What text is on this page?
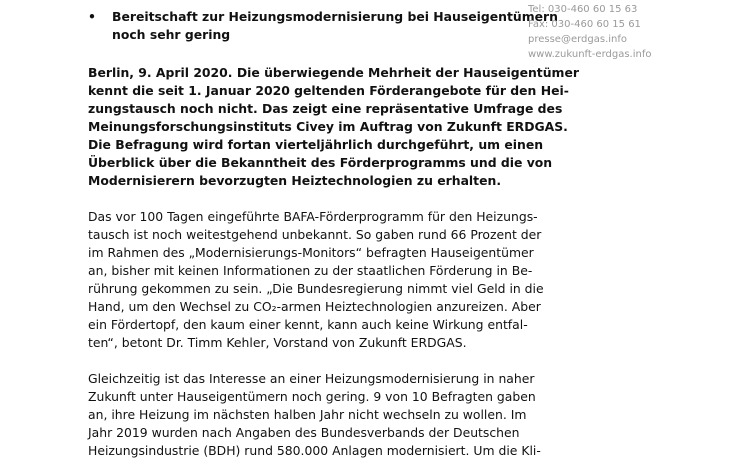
•	Bereitschaft zur Heizungsmodernisierung bei Hauseigentümern
noch sehr gering

Berlin, 9. April 2020. Die überwiegende Mehrheit der Hauseigentümer
kennt die seit 1. Januar 2020 geltenden Förderangebote für den Hei-
zungstausch noch nicht. Das zeigt eine repräsentative Umfrage des
Meinungsforschungsinstituts Civey im Auftrag von Zukunft ERDGAS.
Die Befragung wird fortan vierteljährlich durchgeführt, um einen
Überblick über die Bekanntheit des Förderprogramms und die von
Modernisierern bevorzugten Heiztechnologien zu erhalten.

Das vor 100 Tagen eingeführte BAFA-Förderprogramm für den Heizungs-
tausch ist noch weitestgehend unbekannt. So gaben rund 66 Prozent der
im Rahmen des „Modernisierungs-Monitors“ befragten Hauseigentümer
an, bisher mit keinen Informationen zu der staatlichen Förderung in Be-
rührung gekommen zu sein. „Die Bundesregierung nimmt viel Geld in die
Hand, um den Wechsel zu CO₂-armen Heiztechnologien anzureizen. Aber
ein Fördertopf, den kaum einer kennt, kann auch keine Wirkung entfal-
ten“, betont Dr. Timm Kehler, Vorstand von Zukunft ERDGAS.

Gleichzeitig ist das Interesse an einer Heizungsmodernisierung in naher
Zukunft unter Hauseigentümern noch gering. 9 von 10 Befragten gaben
an, ihre Heizung im nächsten halben Jahr nicht wechseln zu wollen. Im
Jahr 2019 wurden nach Angaben des Bundesverbands der Deutschen
Heizungsindustrie (BDH) rund 580.000 Anlagen modernisiert. Um die Kli-

Tel: 030-460 60 15 63
Fax: 030-460 60 15 61
presse@erdgas.info
www.zukunft-erdgas.info
